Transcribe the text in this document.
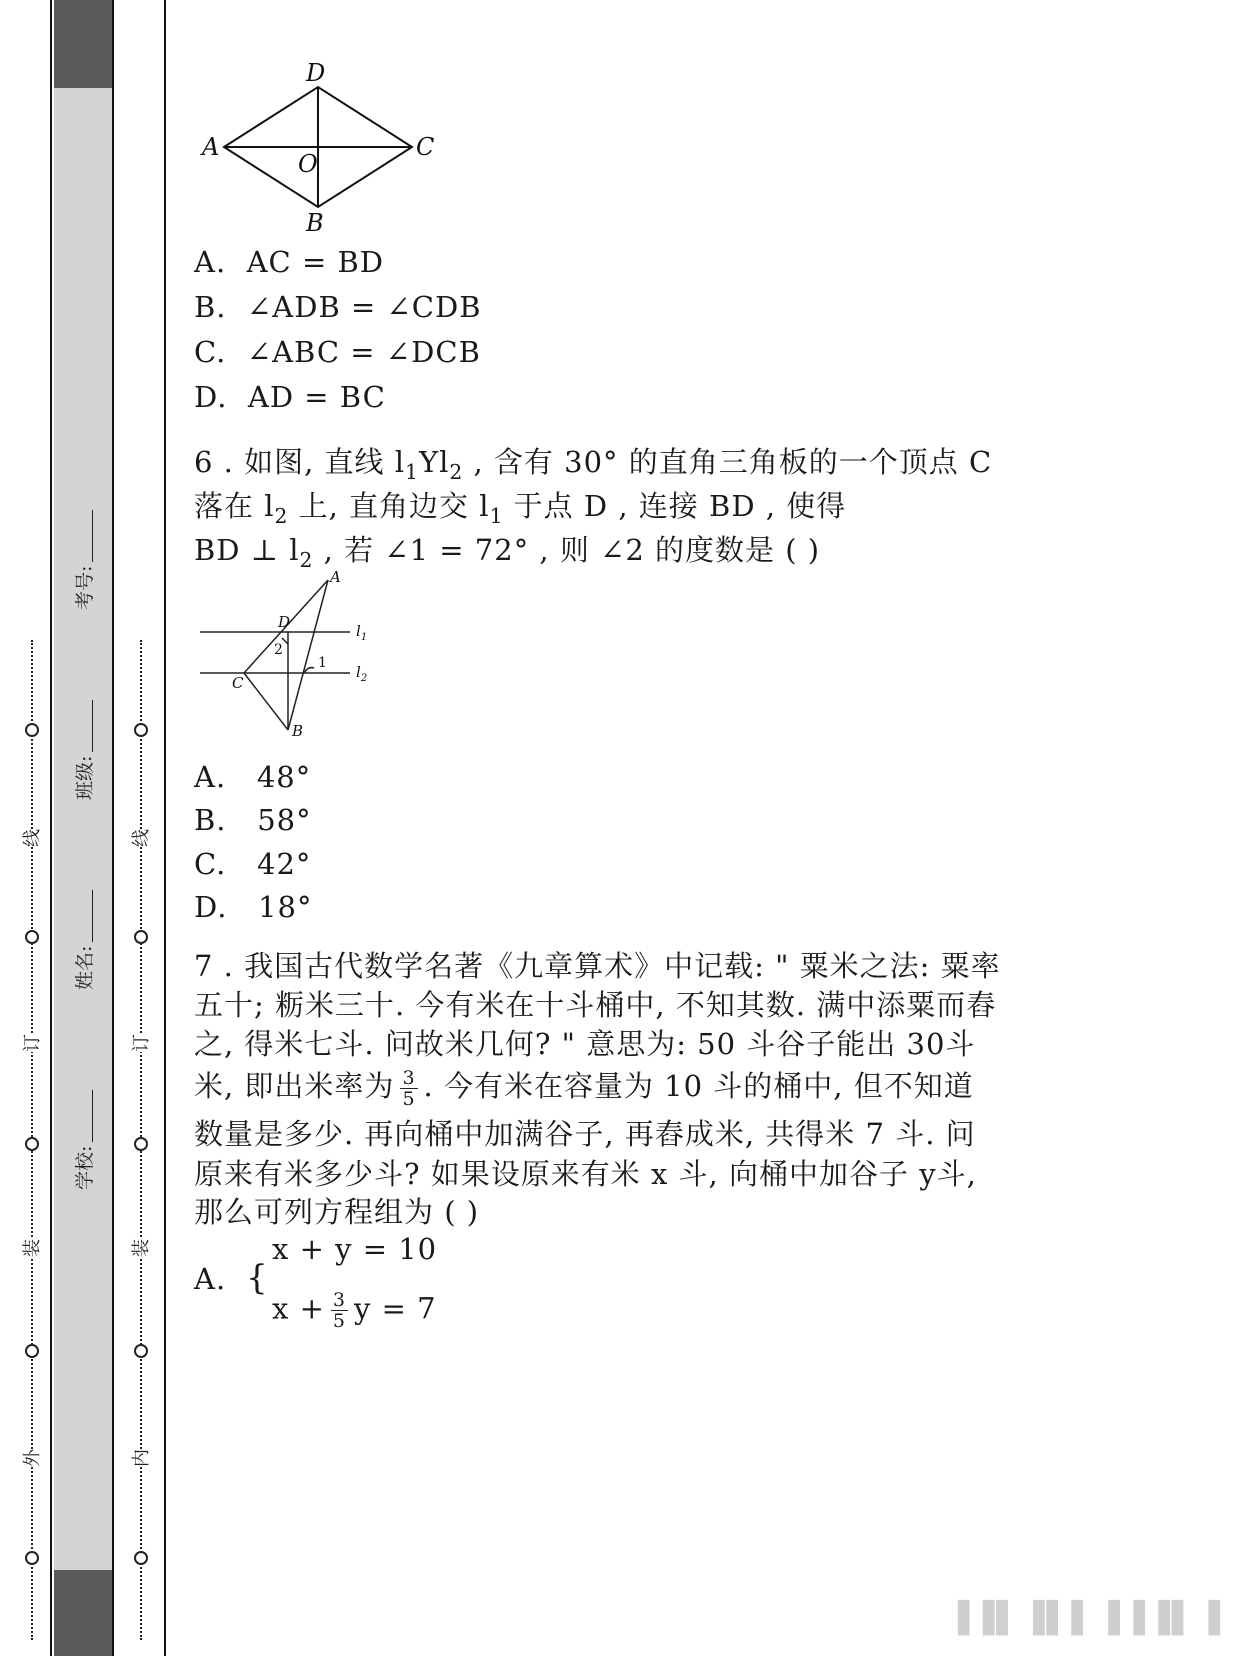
外
装
订
线
内
装
订
线
学校:
姓名:
班级:
考号:
D
A	C
O
B
A. AC = BD
B. ∠ADB = ∠CDB
C. ∠ABC = ∠DCB
D. AD = BC
6 . 如图, 直线 $l_1Yl_2$ , 含有 30° 的直角三角板的一个顶点 C
落在 $l_2$ 上, 直角边交 $l_1$ 于点 D , 连接 BD , 使得
BD ⊥ $l_2$ , 若 ∠1 = 72° , 则 ∠2 的度数是 ( )
A
D
C
B
$l_1$
$l_2$
2
1
A. 48°
B. 58°
C. 42°
D. 18°
7 . 我国古代数学名著《九章算术》中记载: " 粟米之法: 粟率
五十; 粝米三十. 今有米在十斗桶中, 不知其数. 满中添粟而舂
之, 得米七斗. 问故米几何? " 意思为: 50 斗谷子能出 30斗
米, 即出米率为 $\frac{3}{5}$ . 今有米在容量为 10 斗的桶中, 但不知道
数量是多少. 再向桶中加满谷子, 再舂成米, 共得米 7 斗. 问
原来有米多少斗? 如果设原来有米 x 斗, 向桶中加谷子 y斗,
那么可列方程组为 ( )
A. {
x + y = 10
$x + \frac{3}{5}$ y = 7
▐▐▌▐▌▌▐▐▐▌▐
